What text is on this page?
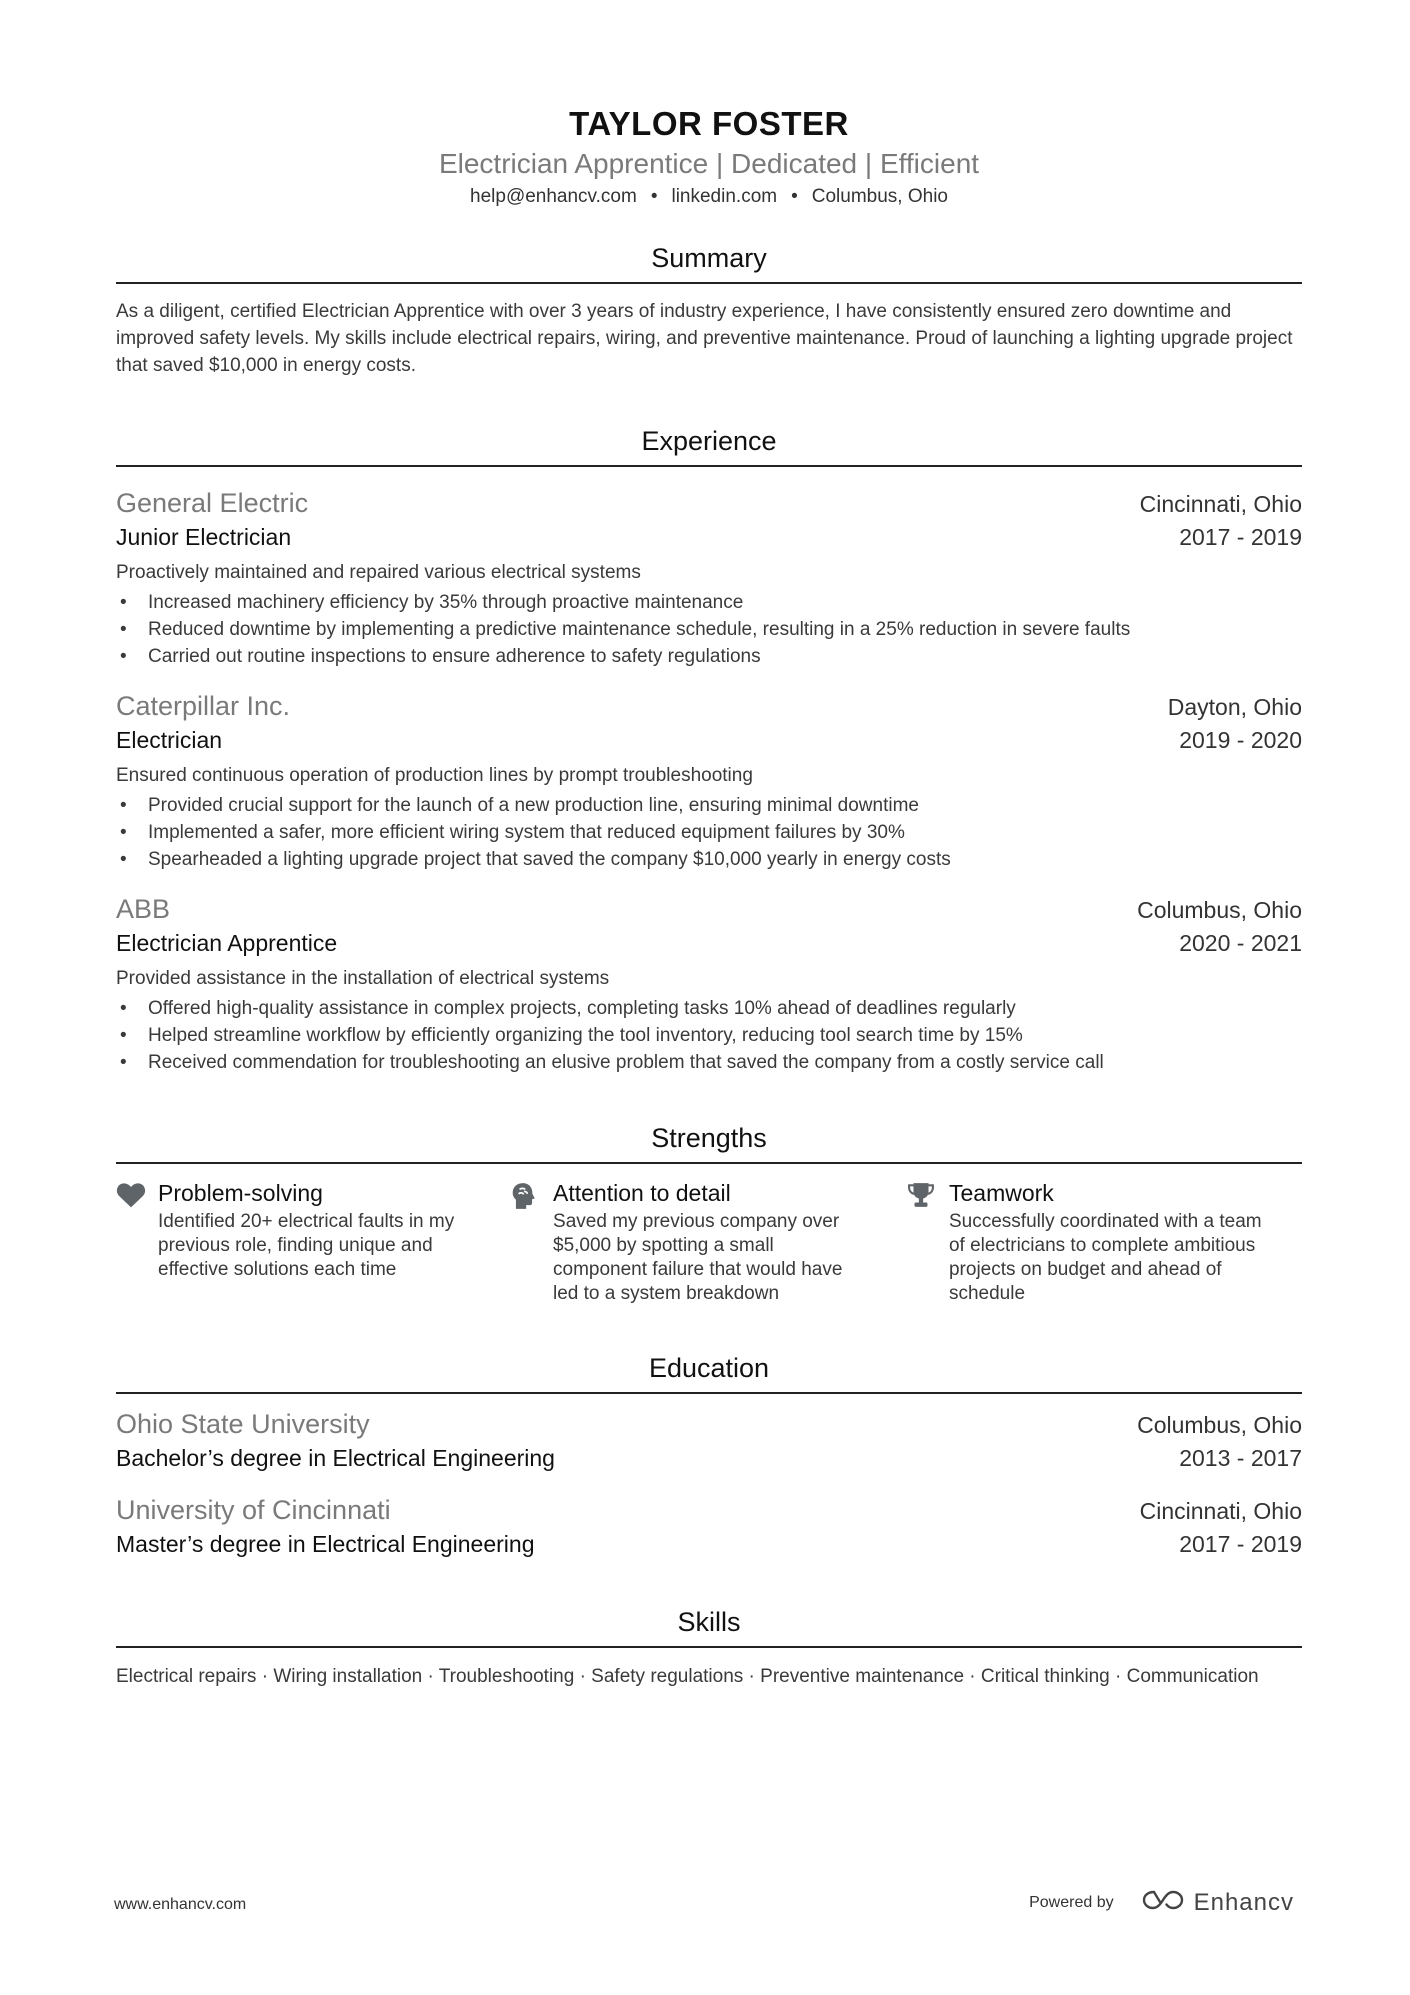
TAYLOR FOSTER
Electrician Apprentice | Dedicated | Efficient
help@enhancv.com • linkedin.com • Columbus, Ohio
Summary
As a diligent, certified Electrician Apprentice with over 3 years of industry experience, I have consistently ensured zero downtime and improved safety levels. My skills include electrical repairs, wiring, and preventive maintenance. Proud of launching a lighting upgrade project that saved $10,000 in energy costs.
Experience
General Electric	Cincinnati, Ohio
Junior Electrician	2017 - 2019
Proactively maintained and repaired various electrical systems
• Increased machinery efficiency by 35% through proactive maintenance
• Reduced downtime by implementing a predictive maintenance schedule, resulting in a 25% reduction in severe faults
• Carried out routine inspections to ensure adherence to safety regulations
Caterpillar Inc.	Dayton, Ohio
Electrician	2019 - 2020
Ensured continuous operation of production lines by prompt troubleshooting
• Provided crucial support for the launch of a new production line, ensuring minimal downtime
• Implemented a safer, more efficient wiring system that reduced equipment failures by 30%
• Spearheaded a lighting upgrade project that saved the company $10,000 yearly in energy costs
ABB	Columbus, Ohio
Electrician Apprentice	2020 - 2021
Provided assistance in the installation of electrical systems
• Offered high-quality assistance in complex projects, completing tasks 10% ahead of deadlines regularly
• Helped streamline workflow by efficiently organizing the tool inventory, reducing tool search time by 15%
• Received commendation for troubleshooting an elusive problem that saved the company from a costly service call
Strengths
Problem-solving
Identified 20+ electrical faults in my previous role, finding unique and effective solutions each time
Attention to detail
Saved my previous company over $5,000 by spotting a small component failure that would have led to a system breakdown
Teamwork
Successfully coordinated with a team of electricians to complete ambitious projects on budget and ahead of schedule
Education
Ohio State University	Columbus, Ohio
Bachelor’s degree in Electrical Engineering	2013 - 2017
University of Cincinnati	Cincinnati, Ohio
Master’s degree in Electrical Engineering	2017 - 2019
Skills
Electrical repairs · Wiring installation · Troubleshooting · Safety regulations · Preventive maintenance · Critical thinking · Communication
www.enhancv.com	Powered by	Enhancv
